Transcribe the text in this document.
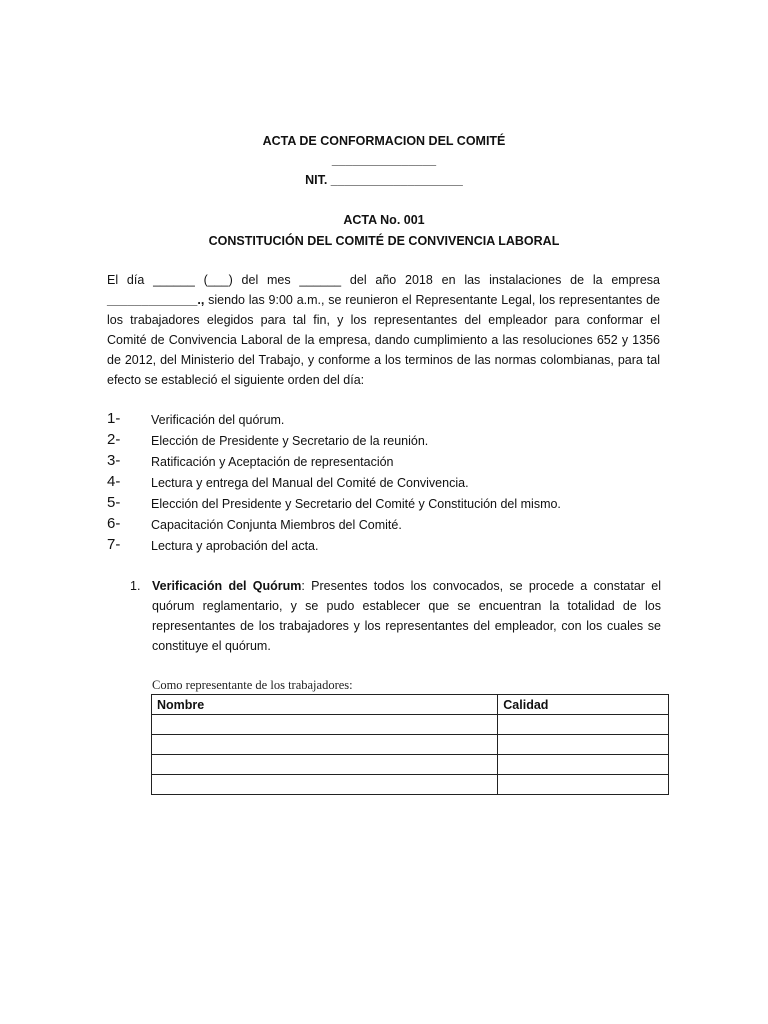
ACTA DE CONFORMACION DEL COMITÉ
_______________
NIT. ___________________
ACTA No. 001
CONSTITUCIÓN DEL COMITÉ DE CONVIVENCIA LABORAL
El día ______ (___) del mes ______ del año 2018 en las instalaciones de la empresa
_____________., siendo las 9:00 a.m., se reunieron el Representante Legal, los representantes de
los trabajadores elegidos para tal fin, y los representantes del empleador para conformar el
Comité de Convivencia Laboral de la empresa, dando cumplimiento a las resoluciones 652 y 1356
de 2012, del Ministerio del Trabajo, y conforme a los terminos de las normas colombianas, para tal
efecto se estableció el siguiente orden del día:
1- Verificación del quórum.
2- Elección de Presidente y Secretario de la reunión.
3- Ratificación y Aceptación de representación
4- Lectura y entrega del Manual del Comité de Convivencia.
5- Elección del Presidente y Secretario del Comité y Constitución del mismo.
6- Capacitación Conjunta Miembros del Comité.
7- Lectura y aprobación del acta.
1. Verificación del Quórum: Presentes todos los convocados, se procede a constatar el
quórum reglamentario, y se pudo establecer que se encuentran la totalidad de los
representantes de los trabajadores y los representantes del empleador, con los cuales se
constituye el quórum.
Como representante de los trabajadores:
Nombre	Calidad
